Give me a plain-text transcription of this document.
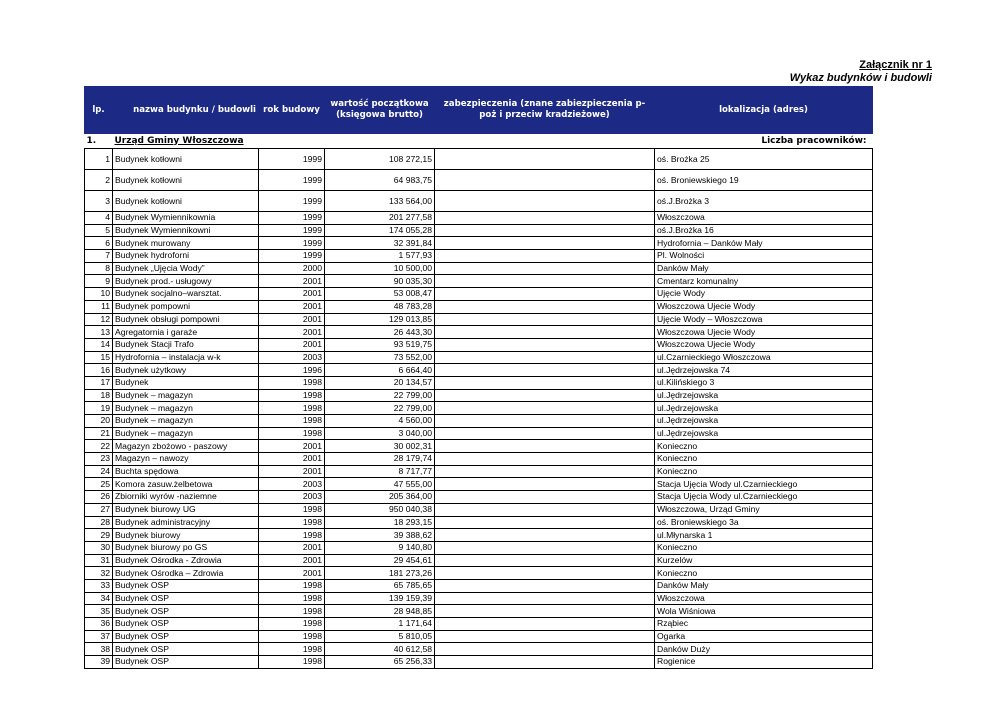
Załącznik nr 1
Wykaz budynków i budowli
lp.	nazwa budynku / budowli	rok budowy	wartość początkowa (księgowa brutto)	zabezpieczenia (znane zabiezpieczenia p-poż i przeciw kradzieżowe)	lokalizacja (adres)
1.	Urząd Gminy Włoszczowa				Liczba pracowników:
1	Budynek kotłowni	1999	108 272,15		oś. Brożka 25
2	Budynek kotłowni	1999	64 983,75		oś. Broniewskiego 19
3	Budynek kotłowni	1999	133 564,00		oś.J.Brożka 3
4	Budynek Wymiennikownia	1999	201 277,58		Włoszczowa
5	Budynek Wymiennikowni	1999	174 055,28		oś.J.Brożka 16
6	Budynek murowany	1999	32 391,84		Hydrofornia – Danków Mały
7	Budynek hydroforni	1999	1 577,93		Pl. Wolności
8	Budynek „Ujęcia Wody”	2000	10 500,00		Danków Mały
9	Budynek prod.- usługowy	2001	90 035,30		Cmentarz komunalny
10	Budynek socjalno–warsztat.	2001	53 008,47		Ujęcie Wody
11	Budynek pompowni	2001	48 783,28		Włoszczowa Ujecie Wody
12	Budynek obsługi pompowni	2001	129 013,85		Ujęcie Wody – Włoszczowa
13	Agregatornia i garaże	2001	26 443,30		Włoszczowa Ujecie Wody
14	Budynek Stacji Trafo	2001	93 519,75		Włoszczowa Ujecie Wody
15	Hydrofornia – instalacja w-k	2003	73 552,00		ul.Czarnieckiego Włoszczowa
16	Budynek użytkowy	1996	6 664,40		ul.Jędrzejowska 74
17	Budynek	1998	20 134,57		ul.Kilińskiego 3
18	Budynek – magazyn	1998	22 799,00		ul.Jędrzejowska
19	Budynek – magazyn	1998	22 799,00		ul.Jędrzejowska
20	Budynek – magazyn	1998	4 560,00		ul.Jędrzejowska
21	Budynek – magazyn	1998	3 040,00		ul.Jędrzejowska
22	Magazyn zbożowo - paszowy	2001	30 002,31		Konieczno
23	Magazyn – nawozy	2001	28 179,74		Konieczno
24	Buchta spędowa	2001	8 717,77		Konieczno
25	Komora zasuw.żelbetowa	2003	47 555,00		Stacja Ujęcia Wody ul.Czarnieckiego
26	Zbiorniki wyrów -naziemne	2003	205 364,00		Stacja Ujęcia Wody ul.Czarnieckiego
27	Budynek biurowy UG	1998	950 040,38		Włoszczowa, Urząd Gminy
28	Budynek administracyjny	1998	18 293,15		oś. Broniewskiego 3a
29	Budynek biurowy	1998	39 388,62		ul.Młynarska 1
30	Budynek biurowy po GS	2001	9 140,80		Konieczno
31	Budynek Ośrodka - Zdrowia	2001	29 454,61		Kurzelów
32	Budynek Ośrodka – Zdrowia	2001	181 273,26		Konieczno
33	Budynek OSP	1998	65 785,65		Danków Mały
34	Budynek OSP	1998	139 159,39		Włoszczowa
35	Budynek OSP	1998	28 948,85		Wola Wiśniowa
36	Budynek OSP	1998	1 171,64		Rząbiec
37	Budynek OSP	1998	5 810,05		Ogarka
38	Budynek OSP	1998	40 612,58		Danków Duży
39	Budynek OSP	1998	65 256,33		Rogienice
